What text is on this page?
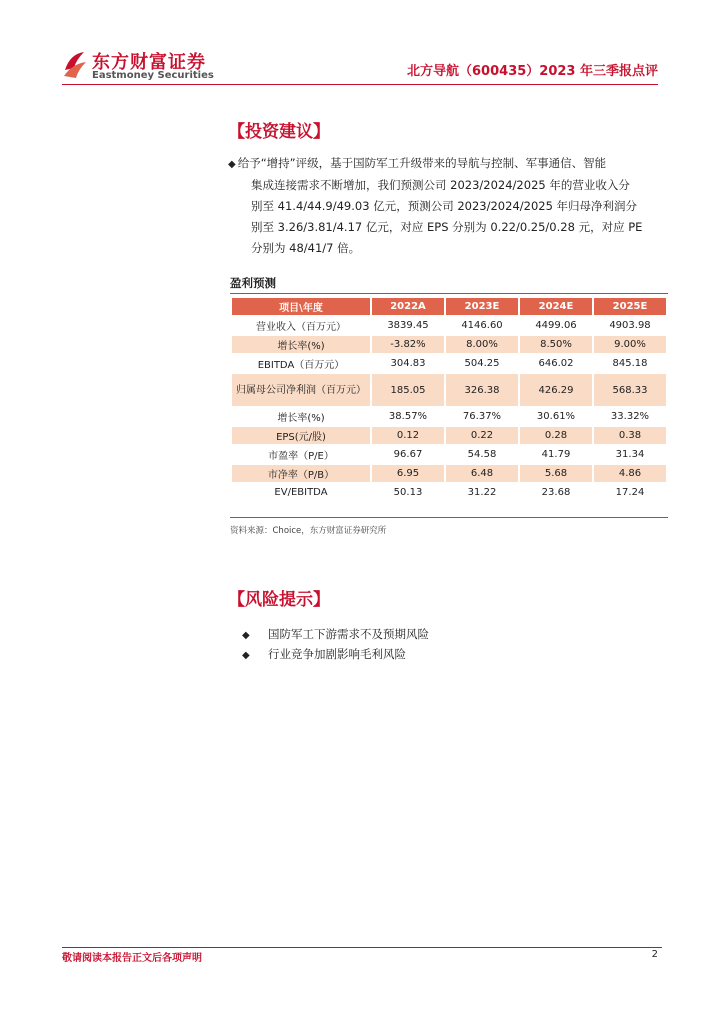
东方财富证券
Eastmoney Securities	北方导航（600435）2023 年三季报点评
【投资建议】
◆ 给予“增持”评级，基于国防军工升级带来的导航与控制、军事通信、智能
集成连接需求不断增加，我们预测公司 2023/2024/2025 年的营业收入分
别至 41.4/44.9/49.03 亿元，预测公司 2023/2024/2025 年归母净利润分
别至 3.26/3.81/4.17 亿元，对应 EPS 分别为 0.22/0.25/0.28 元，对应 PE
分别为 48/41/7 倍。
盈利预测
项目\年度	2022A	2023E	2024E	2025E
营业收入（百万元）	3839.45	4146.60	4499.06	4903.98
增长率(%)	-3.82%	8.00%	8.50%	9.00%
EBITDA（百万元）	304.83	504.25	646.02	845.18
归属母公司净利润（百万元）	185.05	326.38	426.29	568.33
增长率(%)	38.57%	76.37%	30.61%	33.32%
EPS(元/股)	0.12	0.22	0.28	0.38
市盈率（P/E）	96.67	54.58	41.79	31.34
市净率（P/B）	6.95	6.48	5.68	4.86
EV/EBITDA	50.13	31.22	23.68	17.24
资料来源：Choice，东方财富证券研究所
【风险提示】
◆ 国防军工下游需求不及预期风险
◆ 行业竞争加剧影响毛利风险
敬请阅读本报告正文后各项声明	2
